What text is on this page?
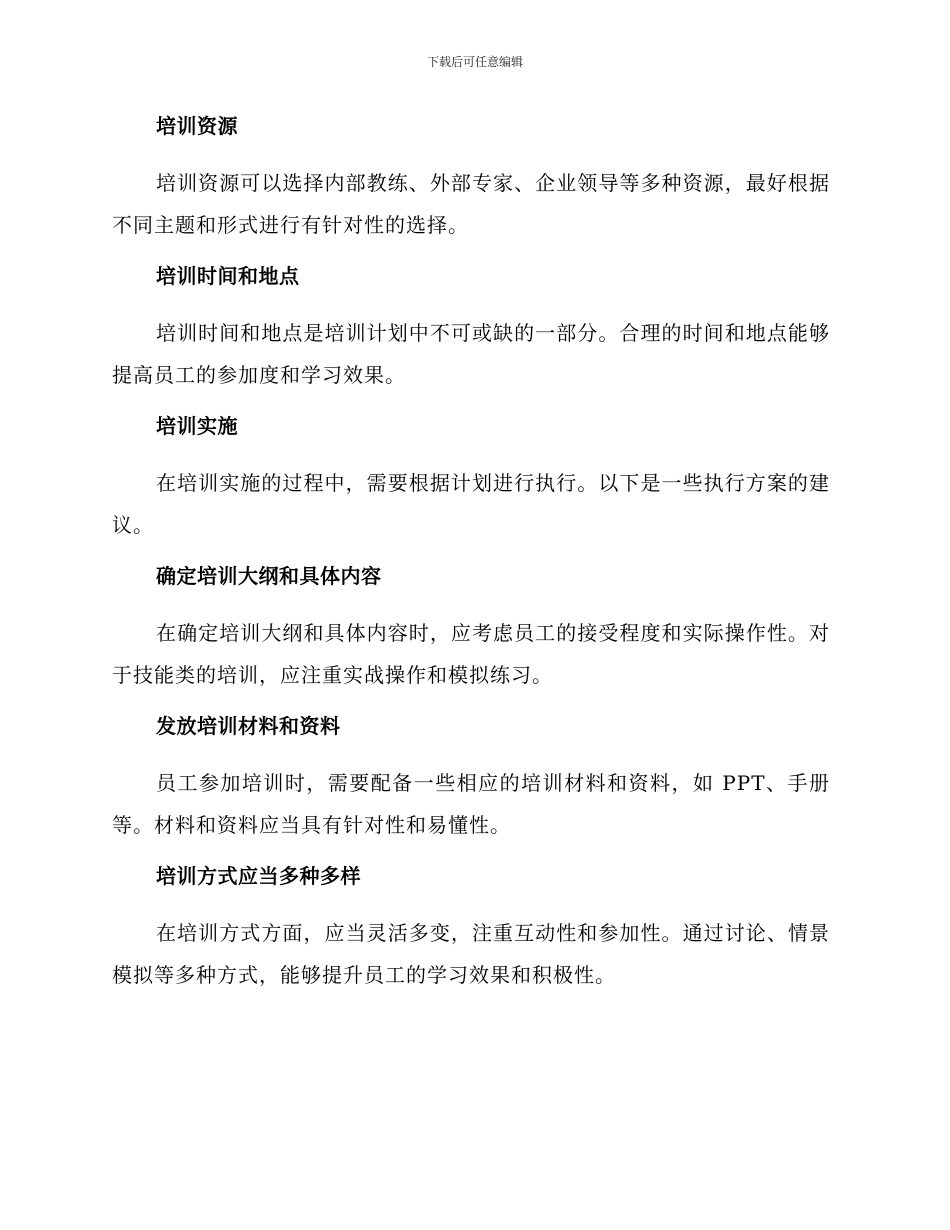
下载后可任意编辑
培训资源

培训资源可以选择内部教练、外部专家、企业领导等多种资源，最好根据不同主题和形式进行有针对性的选择。

培训时间和地点

培训时间和地点是培训计划中不可或缺的一部分。合理的时间和地点能够提高员工的参加度和学习效果。

培训实施

在培训实施的过程中，需要根据计划进行执行。以下是一些执行方案的建议。

确定培训大纲和具体内容

在确定培训大纲和具体内容时，应考虑员工的接受程度和实际操作性。对于技能类的培训，应注重实战操作和模拟练习。

发放培训材料和资料

员工参加培训时，需要配备一些相应的培训材料和资料，如 PPT、手册等。材料和资料应当具有针对性和易懂性。

培训方式应当多种多样

在培训方式方面，应当灵活多变，注重互动性和参加性。通过讨论、情景模拟等多种方式，能够提升员工的学习效果和积极性。
